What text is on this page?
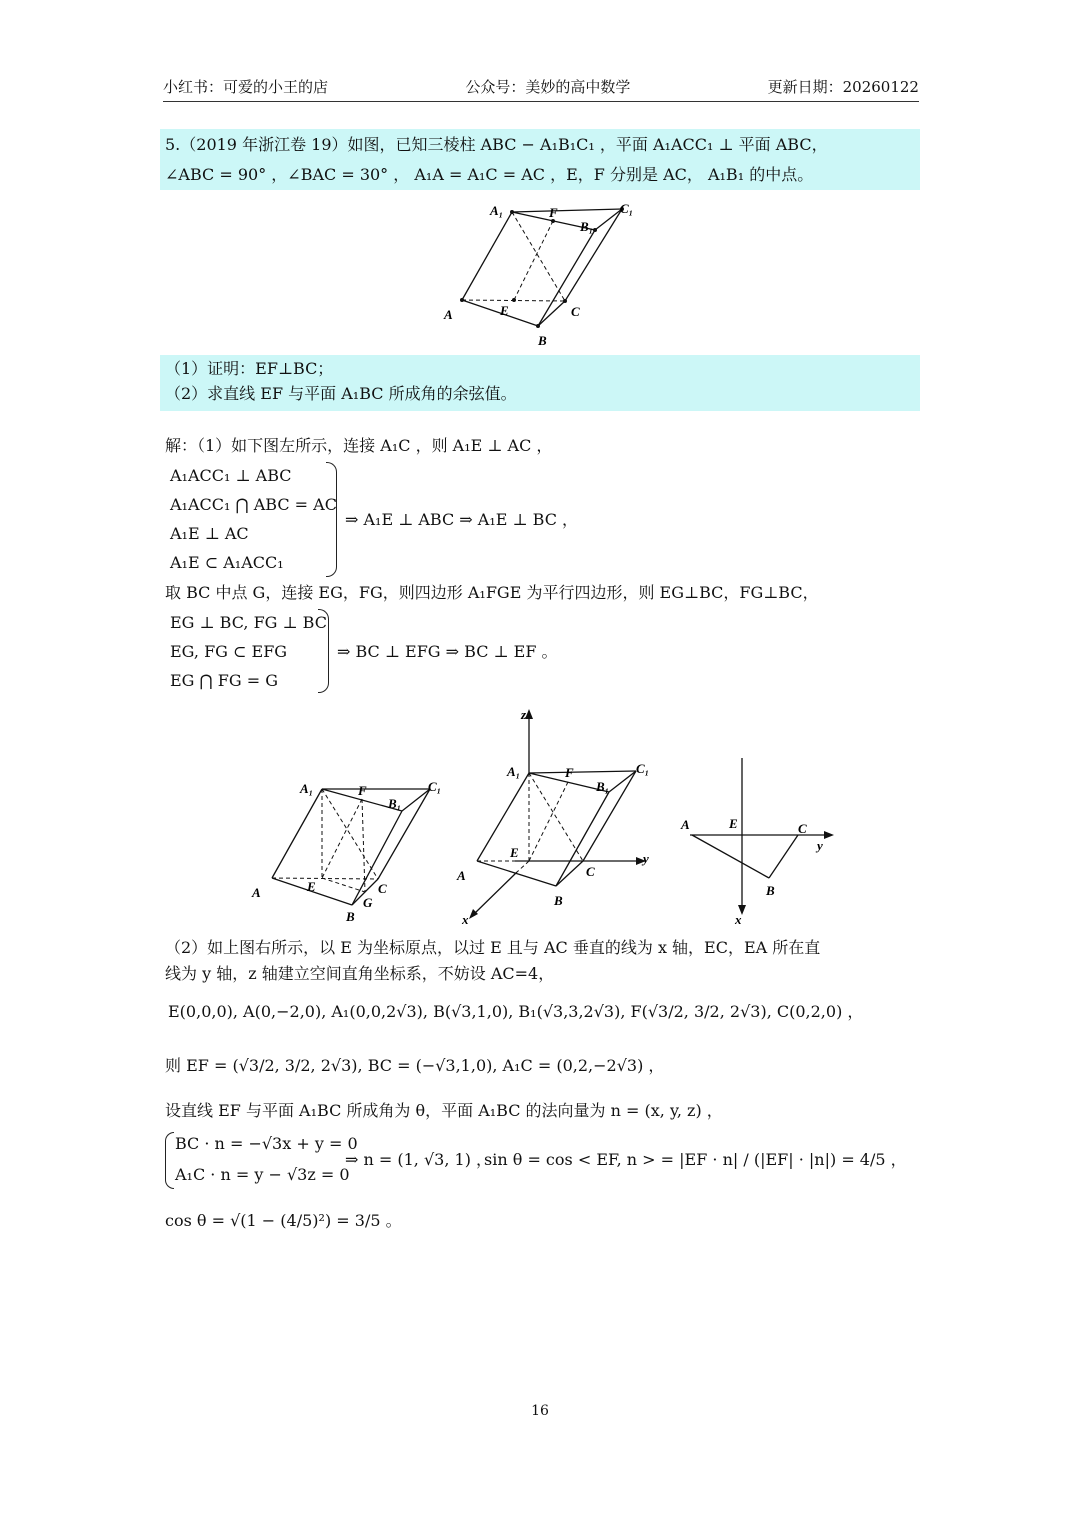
小红书：可爱的小王的店	公众号：美妙的高中数学	更新日期：20260122
5.（2019 年浙江卷 19）如图，已知三棱柱 ABC − A₁B₁C₁ ，平面 A₁ACC₁ ⊥ 平面 ABC，
∠ABC = 90° ，∠BAC = 30° ， A₁A = A₁C = AC ，E，F 分别是 AC， A₁B₁ 的中点。
A₁	F	C₁
B₁
A	E	C
B
（1）证明：EF⊥BC；
（2）求直线 EF 与平面 A₁BC 所成角的余弦值。
解：（1）如下图左所示，连接 A₁C ，则 A₁E ⊥ AC ，
A₁ACC₁ ⊥ ABC
A₁ACC₁ ⋂ ABC = AC
A₁E ⊥ AC
A₁E ⊂ A₁ACC₁
⇒ A₁E ⊥ ABC ⇒ A₁E ⊥ BC ，
取 BC 中点 G，连接 EG，FG，则四边形 A₁FGE 为平行四边形，则 EG⊥BC，FG⊥BC，
EG ⊥ BC, FG ⊥ BC
EG, FG ⊂ EFG
EG ⋂ FG = G
⇒ BC ⊥ EFG ⇒ BC ⊥ EF 。
A₁	F	C₁
B₁
A	E	C
G
B
z
y
x
A₁	F	C₁
B₁
A
E
C
B
A	E	C
y
B
x
（2）如上图右所示，以 E 为坐标原点，以过 E 且与 AC 垂直的线为 x 轴，EC，EA 所在直
线为 y 轴，z 轴建立空间直角坐标系，不妨设 AC=4，
E(0,0,0), A(0,−2,0), A₁(0,0,2√3), B(√3,1,0), B₁(√3,3,2√3), F(√3/2, 3/2, 2√3), C(0,2,0) ，
则 EF = (√3/2, 3/2, 2√3), BC = (−√3,1,0), A₁C = (0,2,−2√3) ，
设直线 EF 与平面 A₁BC 所成角为 θ，平面 A₁BC 的法向量为 n = (x, y, z) ，
BC · n = −√3x + y = 0
A₁C · n = y − √3z = 0
⇒ n = (1, √3, 1) ，
sin θ = cos < EF, n > = |EF · n| / (|EF| · |n|) = 4/5 ，
cos θ = √(1 − (4/5)²) = 3/5 。
16
